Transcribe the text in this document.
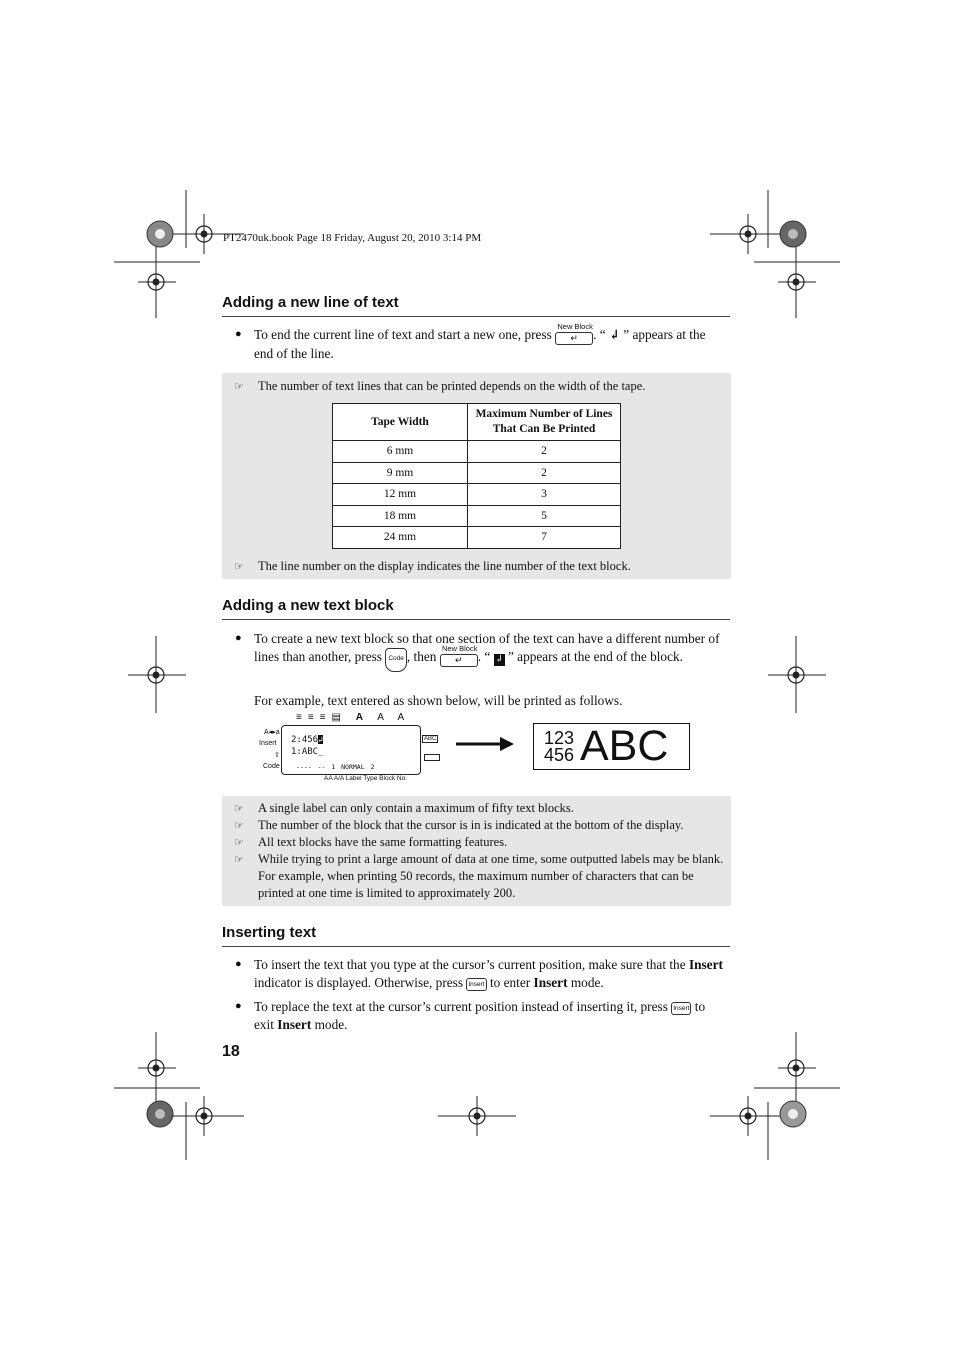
PT2470uk.book Page 18 Friday, August 20, 2010 3:14 PM
Adding a new line of text
● To end the current line of text and start a new one, press
New Block
↵ . “ ↲ ” appears at the end of the line.
☞ The number of text lines that can be printed depends on the width of the tape.
Tape Width	Maximum Number of Lines That Can Be Printed
6 mm	2
9 mm	2
12 mm	3
18 mm	5
24 mm	7
☞ The line number on the display indicates the line number of the text block.
Adding a new text block
● To create a new text block so that one section of the text can have a different number of lines than another, press Code , then
New Block
↵ . “ ↲ ” appears at the end of the block.
For example, text entered as shown below, will be printed as follows.
≡≡≡▤ A A A
A◂▸a
Insert
⇧
Code
2:456↲
1:ABC_
---- -- 1 NORMAL 2
ABC
AA A/A Label Type Block No.
123
456 ABC
☞ A single label can only contain a maximum of fifty text blocks.
☞ The number of the block that the cursor is in is indicated at the bottom of the display.
☞ All text blocks have the same formatting features.
☞ While trying to print a large amount of data at one time, some outputted labels may be blank. For example, when printing 50 records, the maximum number of characters that can be printed at one time is limited to approximately 200.
Inserting text
● To insert the text that you type at the cursor’s current position, make sure that the Insert indicator is displayed. Otherwise, press Insert to enter Insert mode.
● To replace the text at the cursor’s current position instead of inserting it, press Insert to exit Insert mode.
18
